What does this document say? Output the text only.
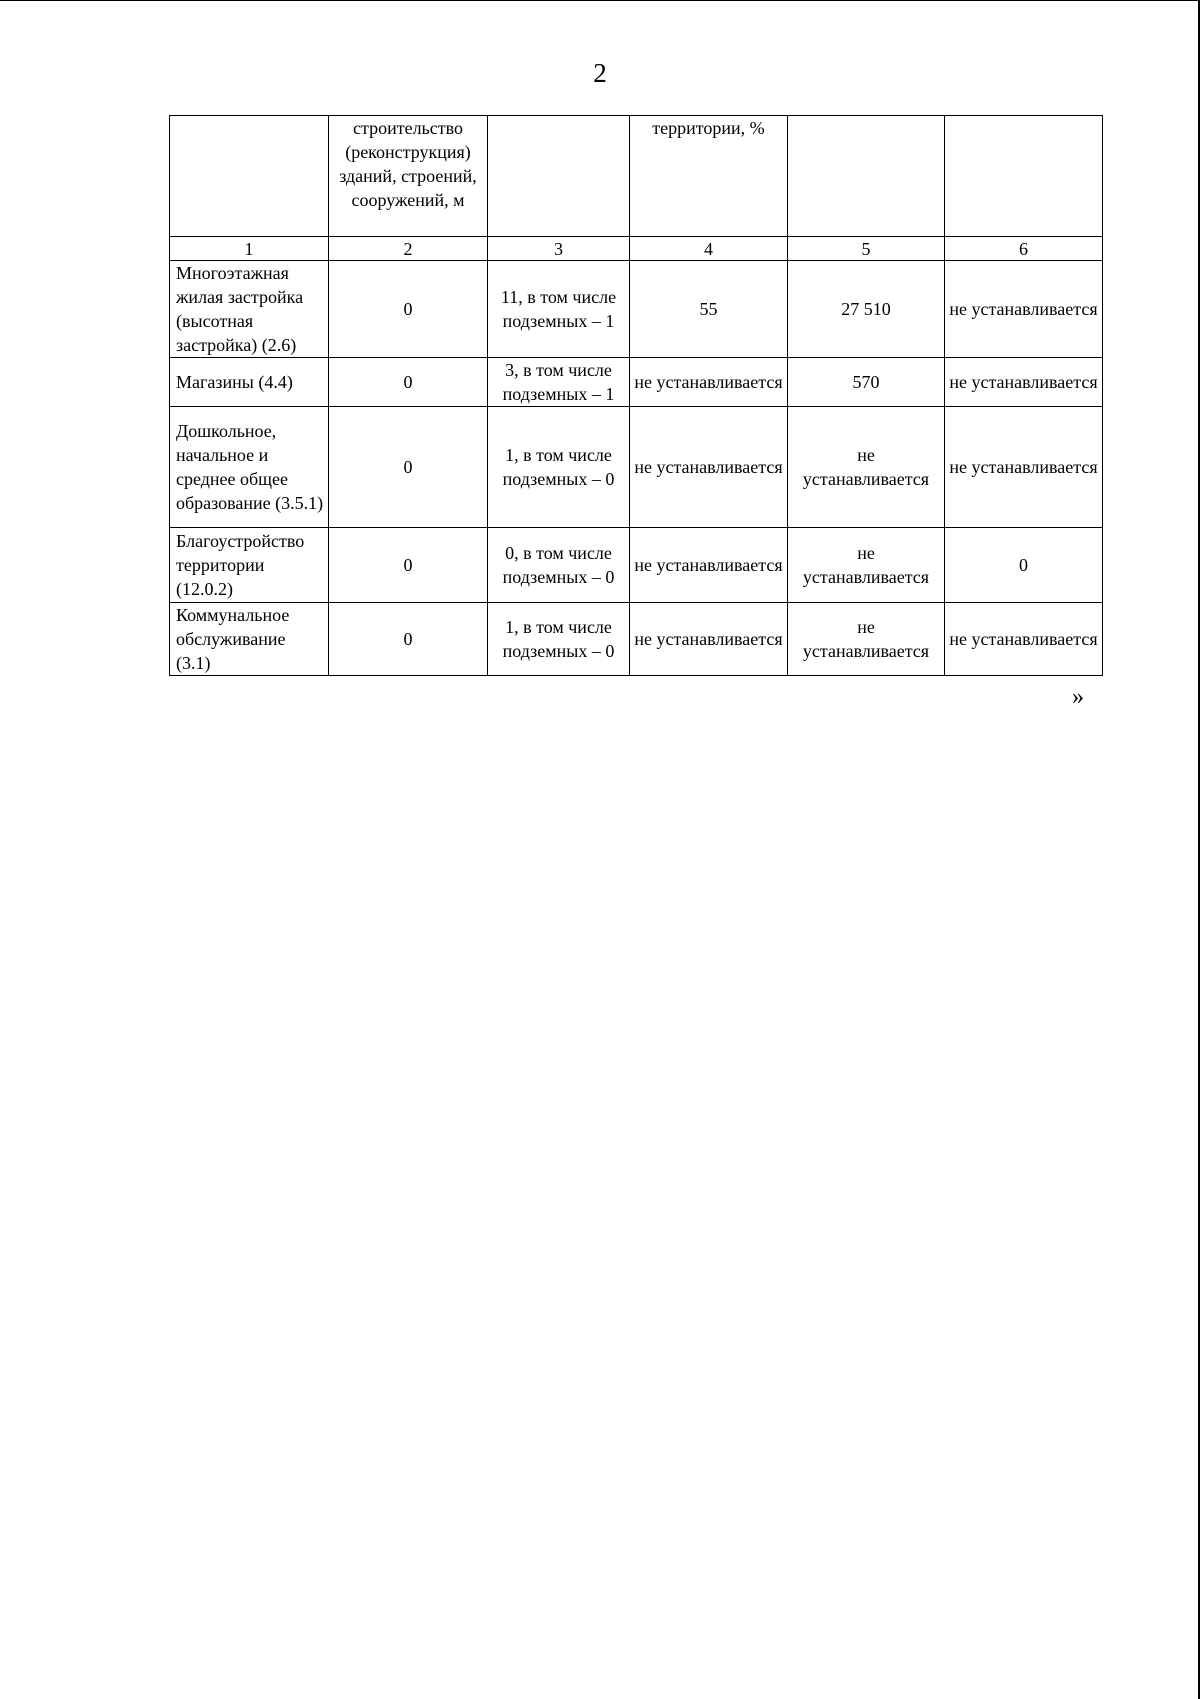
2
	строительство (реконструкция) зданий, строений, сооружений, м		территории, %		
1	2	3	4	5	6
Многоэтажная жилая застройка (высотная застройка) (2.6)	0	11, в том числе подземных – 1	55	27 510	не устанавливается
Магазины (4.4)	0	3, в том числе подземных – 1	не устанавливается	570	не устанавливается
Дошкольное, начальное и среднее общее образование (3.5.1)	0	1, в том числе подземных – 0	не устанавливается	не устанавливается	не устанавливается
Благоустройство территории (12.0.2)	0	0, в том числе подземных – 0	не устанавливается	не устанавливается	0
Коммунальное обслуживание (3.1)	0	1, в том числе подземных – 0	не устанавливается	не устанавливается	не устанавливается
»
